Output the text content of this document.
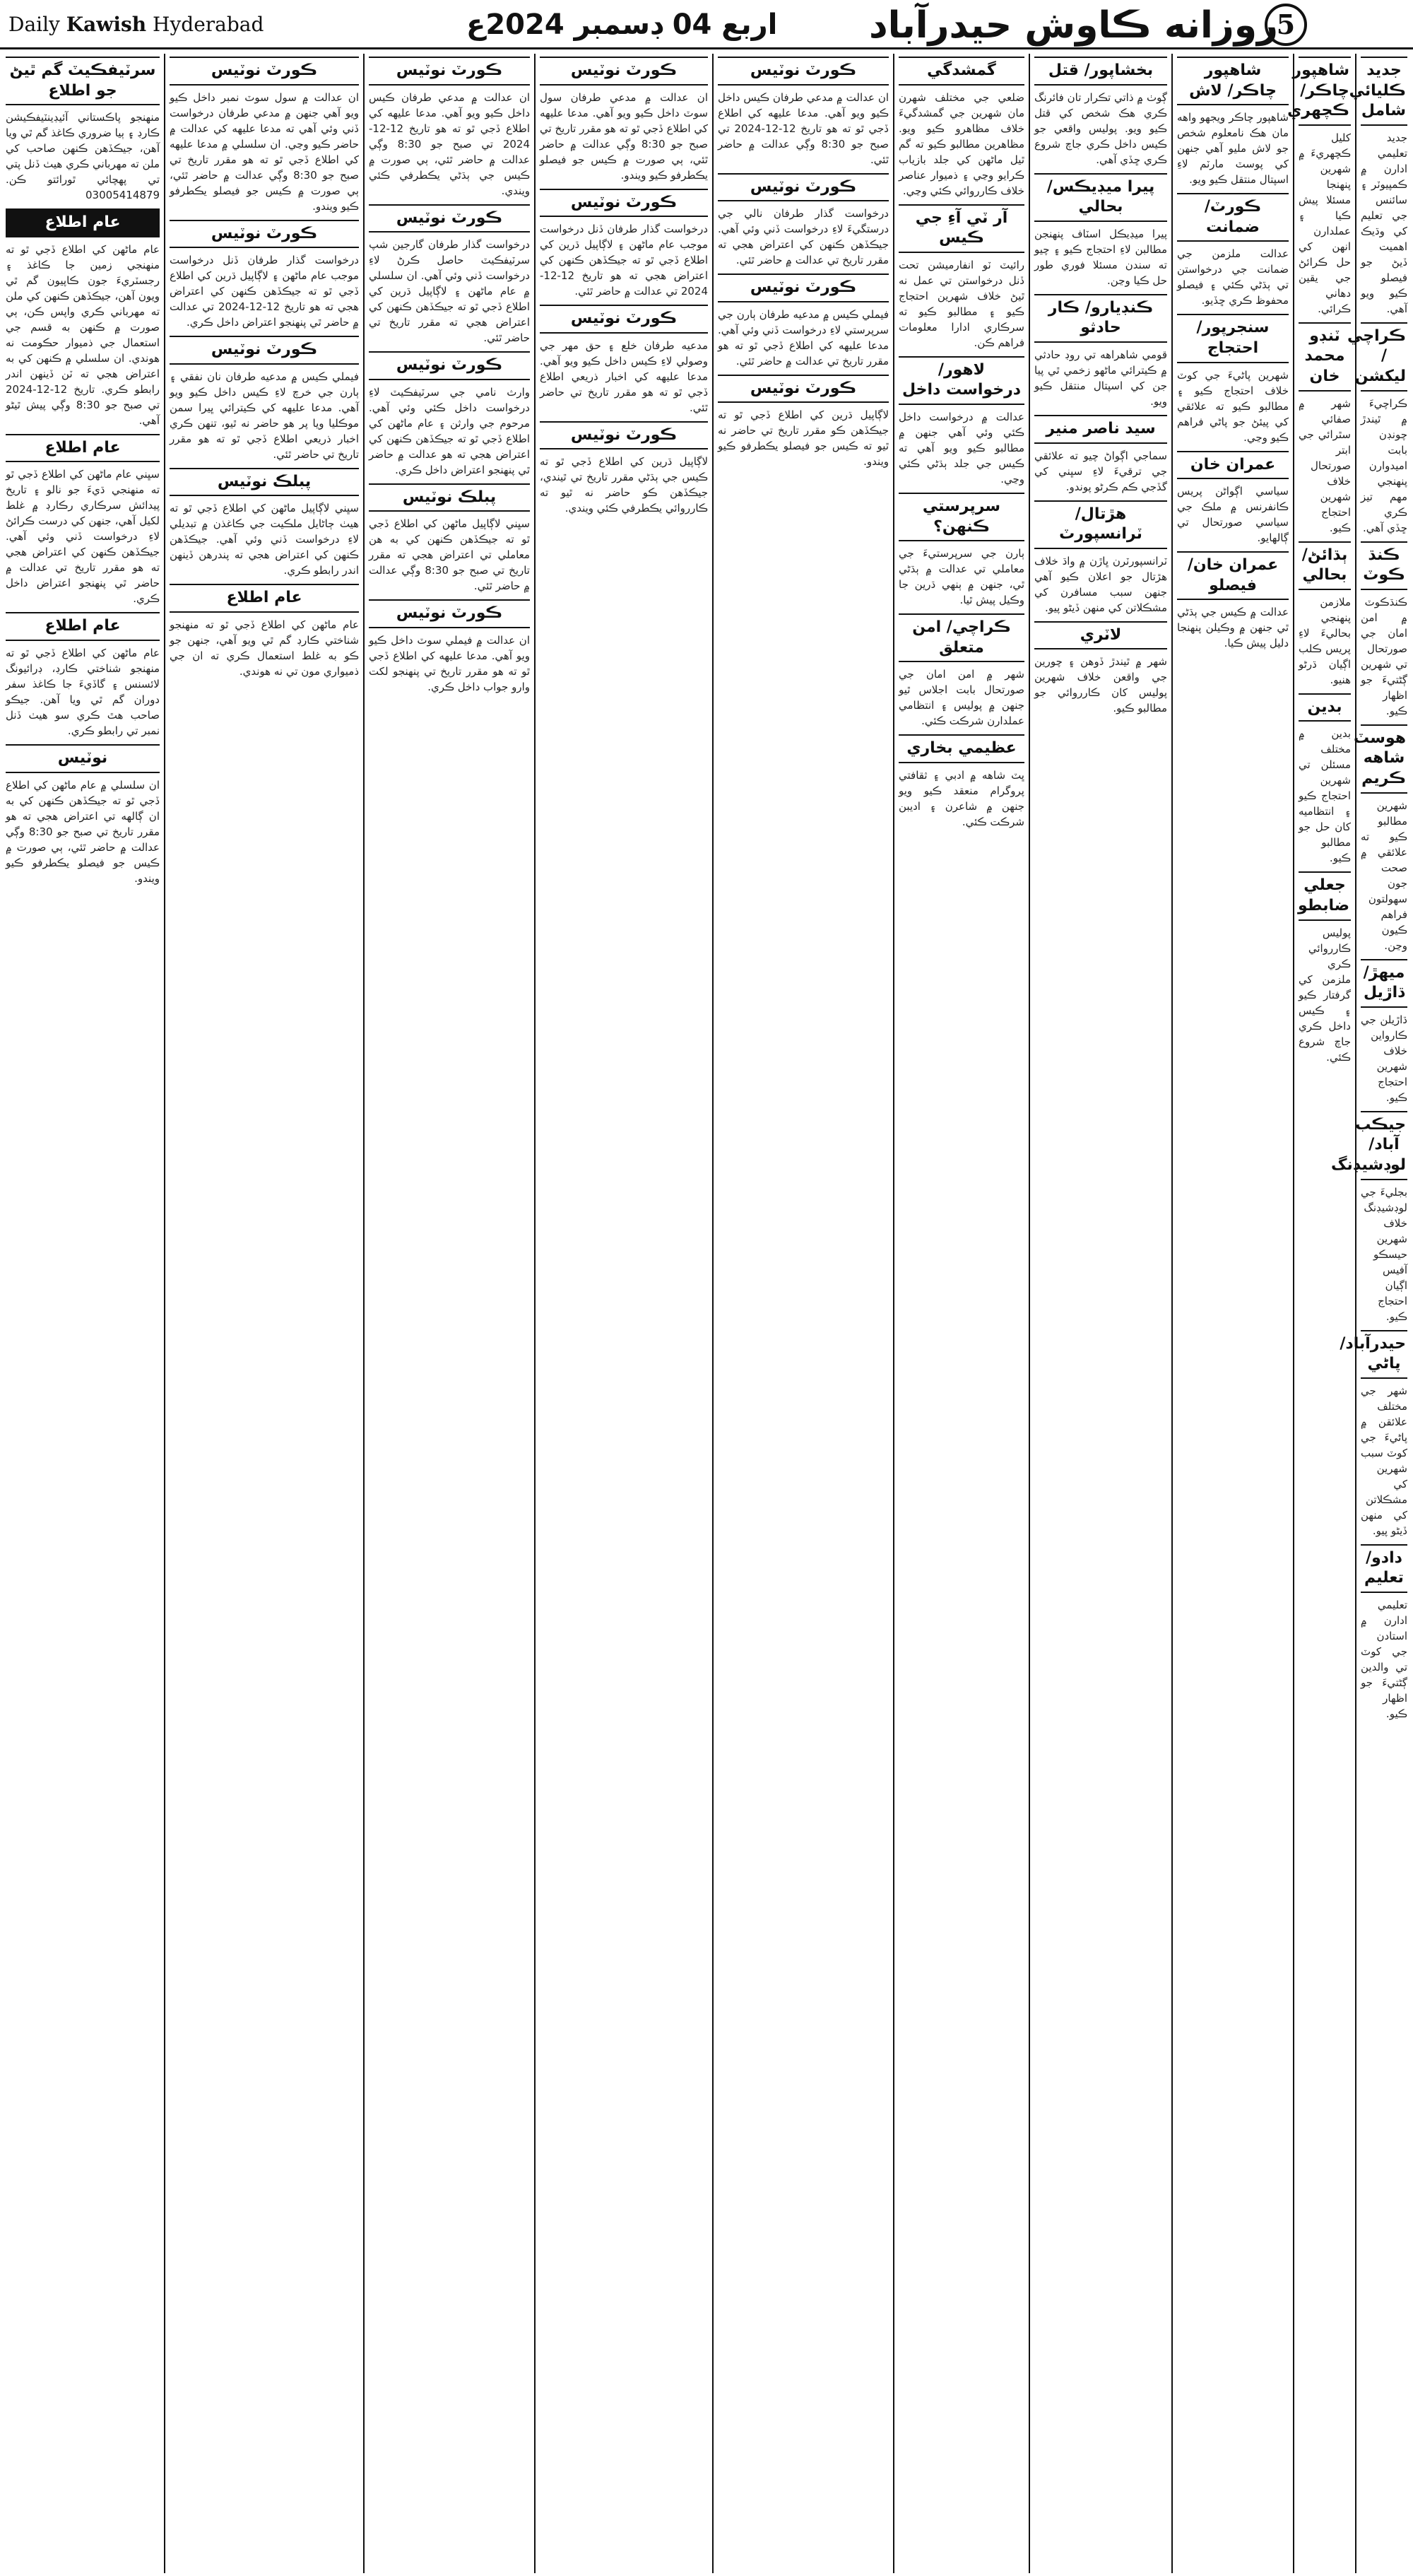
Daily Kawish Hyderabad	اربع 04 ڊسمبر 2024ع روزانه ڪاوش حيدرآباد
5
سرٽيفڪيٽ گم ٿيڻ جو اطلاع
منهنجو پاڪستاني آئيڊينٽيفڪيشن ڪارڊ ۽ ٻيا ضروري ڪاغذ گم ٿي ويا آهن، جيڪڏهن ڪنهن صاحب کي ملن ته مهرباني ڪري هيٺ ڏنل پتي تي پهچائي ٿورائتو ڪن. 03005414879
عام اطلاع
عام ماڻهن کي اطلاع ڏجي ٿو ته منهنجي زمين جا ڪاغذ ۽ رجسٽريءَ جون ڪاپيون گم ٿي ويون آهن، جيڪڏهن ڪنهن کي ملن ته مهرباني ڪري واپس ڪن، ٻي صورت ۾ ڪنهن به قسم جي استعمال جي ذميوار حڪومت نه هوندي. ان سلسلي ۾ ڪنهن کي به اعتراض هجي ته ٽن ڏينهن اندر رابطو ڪري. تاريخ 12-12-2024 تي صبح جو 8:30 وڳي پيش ٿيڻو آهي.
عام اطلاع
سڀني عام ماڻهن کي اطلاع ڏجي ٿو ته منهنجي ڌيءَ جو نالو ۽ تاريخ پيدائش سرڪاري رڪارڊ ۾ غلط لکيل آهي، جنهن کي درست ڪرائڻ لاءِ درخواست ڏني وئي آهي. جيڪڏهن ڪنهن کي اعتراض هجي ته هو مقرر تاريخ تي عدالت ۾ حاضر ٿي پنهنجو اعتراض داخل ڪري.
عام اطلاع
عام ماڻهن کي اطلاع ڏجي ٿو ته منهنجو شناختي ڪارڊ، ڊرائيونگ لائسنس ۽ گاڏيءَ جا ڪاغذ سفر دوران گم ٿي ويا آهن. جيڪو صاحب هٿ ڪري سو هيٺ ڏنل نمبر تي رابطو ڪري.
نوٽيس
ان سلسلي ۾ عام ماڻهن کي اطلاع ڏجي ٿو ته جيڪڏهن ڪنهن کي به ان ڳالهه تي اعتراض هجي ته هو مقرر تاريخ تي صبح جو 8:30 وڳي عدالت ۾ حاضر ٿئي، ٻي صورت ۾ ڪيس جو فيصلو يڪطرفو ڪيو ويندو.
ڪورٽ نوٽيس
ان عدالت ۾ سول سوٽ نمبر داخل ڪيو ويو آهي جنهن ۾ مدعي طرفان درخواست ڏني وئي آهي ته مدعا عليهه کي عدالت ۾ حاضر ڪيو وڃي. ان سلسلي ۾ مدعا عليهه کي اطلاع ڏجي ٿو ته هو مقرر تاريخ تي صبح جو 8:30 وڳي عدالت ۾ حاضر ٿئي، ٻي صورت ۾ ڪيس جو فيصلو يڪطرفو ڪيو ويندو.
ڪورٽ نوٽيس
درخواست گذار طرفان ڏنل درخواست موجب عام ماڻهن ۽ لاڳاپيل ڌرين کي اطلاع ڏجي ٿو ته جيڪڏهن ڪنهن کي اعتراض هجي ته هو تاريخ 12-12-2024 تي عدالت ۾ حاضر ٿي پنهنجو اعتراض داخل ڪري.
ڪورٽ نوٽيس
فيملي ڪيس ۾ مدعيه طرفان نان نفقي ۽ ٻارن جي خرچ لاءِ ڪيس داخل ڪيو ويو آهي. مدعا عليهه کي ڪيترائي ڀيرا سمن موڪليا ويا پر هو حاضر نه ٿيو، تنهن ڪري اخبار ذريعي اطلاع ڏجي ٿو ته هو مقرر تاريخ تي حاضر ٿئي.
پبلڪ نوٽيس
سڀني لاڳاپيل ماڻهن کي اطلاع ڏجي ٿو ته هيٺ ڄاڻايل ملڪيت جي ڪاغذن ۾ تبديلي لاءِ درخواست ڏني وئي آهي. جيڪڏهن ڪنهن کي اعتراض هجي ته پندرهن ڏينهن اندر رابطو ڪري.
عام اطلاع
عام ماڻهن کي اطلاع ڏجي ٿو ته منهنجو شناختي ڪارڊ گم ٿي ويو آهي، جنهن جو ڪو به غلط استعمال ڪري ته ان جي ذميواري مون تي نه هوندي.
ڪورٽ نوٽيس
ان عدالت ۾ مدعي طرفان ڪيس داخل ڪيو ويو آهي. مدعا عليهه کي اطلاع ڏجي ٿو ته هو تاريخ 12-12-2024 تي صبح جو 8:30 وڳي عدالت ۾ حاضر ٿئي، ٻي صورت ۾ ڪيس جي ٻڌڻي يڪطرفي ڪئي ويندي.
ڪورٽ نوٽيس
درخواست گذار طرفان گارجين شپ سرٽيفڪيٽ حاصل ڪرڻ لاءِ درخواست ڏني وئي آهي. ان سلسلي ۾ عام ماڻهن ۽ لاڳاپيل ڌرين کي اطلاع ڏجي ٿو ته جيڪڏهن ڪنهن کي اعتراض هجي ته مقرر تاريخ تي حاضر ٿئي.
ڪورٽ نوٽيس
وارث نامي جي سرٽيفڪيٽ لاءِ درخواست داخل ڪئي وئي آهي. مرحوم جي وارثن ۽ عام ماڻهن کي اطلاع ڏجي ٿو ته جيڪڏهن ڪنهن کي اعتراض هجي ته هو عدالت ۾ حاضر ٿي پنهنجو اعتراض داخل ڪري.
پبلڪ نوٽيس
سڀني لاڳاپيل ماڻهن کي اطلاع ڏجي ٿو ته جيڪڏهن ڪنهن کي به هن معاملي تي اعتراض هجي ته مقرر تاريخ تي صبح جو 8:30 وڳي عدالت ۾ حاضر ٿئي.
ڪورٽ نوٽيس
ان عدالت ۾ فيملي سوٽ داخل ڪيو ويو آهي. مدعا عليهه کي اطلاع ڏجي ٿو ته هو مقرر تاريخ تي پنهنجو لکت وارو جواب داخل ڪري.
ڪورٽ نوٽيس
ان عدالت ۾ مدعي طرفان سول سوٽ داخل ڪيو ويو آهي. مدعا عليهه کي اطلاع ڏجي ٿو ته هو مقرر تاريخ تي صبح جو 8:30 وڳي عدالت ۾ حاضر ٿئي، ٻي صورت ۾ ڪيس جو فيصلو يڪطرفو ڪيو ويندو.
ڪورٽ نوٽيس
درخواست گذار طرفان ڏنل درخواست موجب عام ماڻهن ۽ لاڳاپيل ڌرين کي اطلاع ڏجي ٿو ته جيڪڏهن ڪنهن کي اعتراض هجي ته هو تاريخ 12-12-2024 تي عدالت ۾ حاضر ٿئي.
ڪورٽ نوٽيس
مدعيه طرفان خلع ۽ حق مهر جي وصولي لاءِ ڪيس داخل ڪيو ويو آهي. مدعا عليهه کي اخبار ذريعي اطلاع ڏجي ٿو ته هو مقرر تاريخ تي حاضر ٿئي.
ڪورٽ نوٽيس
لاڳاپيل ڌرين کي اطلاع ڏجي ٿو ته ڪيس جي ٻڌڻي مقرر تاريخ تي ٿيندي، جيڪڏهن ڪو حاضر نه ٿيو ته ڪارروائي يڪطرفي ڪئي ويندي.
ڪورٽ نوٽيس
ان عدالت ۾ مدعي طرفان ڪيس داخل ڪيو ويو آهي. مدعا عليهه کي اطلاع ڏجي ٿو ته هو تاريخ 12-12-2024 تي صبح جو 8:30 وڳي عدالت ۾ حاضر ٿئي.
ڪورٽ نوٽيس
درخواست گذار طرفان نالي جي درستگيءَ لاءِ درخواست ڏني وئي آهي. جيڪڏهن ڪنهن کي اعتراض هجي ته مقرر تاريخ تي عدالت ۾ حاضر ٿئي.
ڪورٽ نوٽيس
فيملي ڪيس ۾ مدعيه طرفان ٻارن جي سرپرستي لاءِ درخواست ڏني وئي آهي. مدعا عليهه کي اطلاع ڏجي ٿو ته هو مقرر تاريخ تي عدالت ۾ حاضر ٿئي.
ڪورٽ نوٽيس
لاڳاپيل ڌرين کي اطلاع ڏجي ٿو ته جيڪڏهن ڪو مقرر تاريخ تي حاضر نه ٿيو ته ڪيس جو فيصلو يڪطرفو ڪيو ويندو.
گمشدگي
ضلعي جي مختلف شهرن مان شهرين جي گمشدگيءَ خلاف مظاهرو ڪيو ويو. مظاهرين مطالبو ڪيو ته گم ٿيل ماڻهن کي جلد بازياب ڪرايو وڃي ۽ ذميوار عناصر خلاف ڪارروائي ڪئي وڃي.
آر ٽي آءِ جي ڪيس
رائيٽ ٽو انفارميشن تحت ڏنل درخواستن تي عمل نه ٿيڻ خلاف شهرين احتجاج ڪيو ۽ مطالبو ڪيو ته سرڪاري ادارا معلومات فراهم ڪن.
لاهور/ درخواست داخل
عدالت ۾ درخواست داخل ڪئي وئي آهي جنهن ۾ مطالبو ڪيو ويو آهي ته ڪيس جي جلد ٻڌڻي ڪئي وڃي.
سرپرستي ڪنهن؟
ٻارن جي سرپرستيءَ جي معاملي تي عدالت ۾ ٻڌڻي ٿي، جنهن ۾ ٻنهي ڌرين جا وڪيل پيش ٿيا.
ڪراچي/ امن متعلق
شهر ۾ امن امان جي صورتحال بابت اجلاس ٿيو جنهن ۾ پوليس ۽ انتظامي عملدارن شرڪت ڪئي.
عظيمي بخاري
ڀٽ شاهه ۾ ادبي ۽ ثقافتي پروگرام منعقد ڪيو ويو جنهن ۾ شاعرن ۽ اديبن شرڪت ڪئي.
بخشاپور/ قتل
ڳوٺ ۾ ذاتي تڪرار تان فائرنگ ڪري هڪ شخص کي قتل ڪيو ويو. پوليس واقعي جو ڪيس داخل ڪري جاچ شروع ڪري ڇڏي آهي.
پيرا ميڊيڪس/ بحالي
پيرا ميڊيڪل اسٽاف پنهنجن مطالبن لاءِ احتجاج ڪيو ۽ چيو ته سندن مسئلا فوري طور حل ڪيا وڃن.
ڪنڊيارو/ ڪار حادثو
قومي شاهراهه تي روڊ حادثي ۾ ڪيترائي ماڻهو زخمي ٿي پيا جن کي اسپتال منتقل ڪيو ويو.
سيد ناصر منير
سماجي اڳواڻ چيو ته علائقي جي ترقيءَ لاءِ سڀني کي گڏجي ڪم ڪرڻو پوندو.
هڙتال/ ٽرانسپورٽ
ٽرانسپورٽرن ڀاڙن ۾ واڌ خلاف هڙتال جو اعلان ڪيو آهي جنهن سبب مسافرن کي مشڪلاتن کي منهن ڏيڻو پيو.
لاٽري
شهر ۾ ٿيندڙ ڏوهن ۽ چورين جي واقعن خلاف شهرين پوليس کان ڪارروائي جو مطالبو ڪيو.
شاهپور چاڪر/ لاش
شاهپور چاڪر ويجهو واهه مان هڪ نامعلوم شخص جو لاش مليو آهي جنهن کي پوسٽ مارٽم لاءِ اسپتال منتقل ڪيو ويو.
ڪورٽ/ ضمانت
عدالت ملزمن جي ضمانت جي درخواستن تي ٻڌڻي ڪئي ۽ فيصلو محفوظ ڪري ڇڏيو.
سنجرپور/ احتجاج
شهرين پاڻيءَ جي کوٽ خلاف احتجاج ڪيو ۽ مطالبو ڪيو ته علائقي کي پيئڻ جو پاڻي فراهم ڪيو وڃي.
عمران خان
سياسي اڳواڻن پريس ڪانفرنس ۾ ملڪ جي سياسي صورتحال تي ڳالهايو.
عمران خان/ فيصلو
عدالت ۾ ڪيس جي ٻڌڻي ٿي جنهن ۾ وڪيلن پنهنجا دليل پيش ڪيا.
شاهپور چاڪر/ ڪچهري
کليل ڪچهريءَ ۾ شهرين پنهنجا مسئلا پيش ڪيا ۽ عملدارن انهن کي حل ڪرائڻ جي يقين دهاني ڪرائي.
ٽنڊو محمد خان
شهر ۾ صفائي سٿرائي جي ابتر صورتحال خلاف شهرين احتجاج ڪيو.
ٻڌائڻ/ بحالي
ملازمن پنهنجي بحاليءَ لاءِ پريس ڪلب اڳيان ڌرڻو هنيو.
بدين
بدين ۾ مختلف مسئلن تي شهرين احتجاج ڪيو ۽ انتظاميه کان حل جو مطالبو ڪيو.
جعلي ضابطو
پوليس ڪارروائي ڪري ملزمن کي گرفتار ڪيو ۽ ڪيس داخل ڪري جاچ شروع ڪئي.
جديد ڪليائي شامل
جديد تعليمي ادارن ۾ ڪمپيوٽر ۽ سائنس جي تعليم کي وڌيڪ اهميت ڏيڻ جو فيصلو ڪيو ويو آهي.
ڪراچي / ليكشن
ڪراچيءَ ۾ ٿيندڙ چونڊن بابت اميدوارن پنهنجي مهم تيز ڪري ڇڏي آهي.
ڪنڌ ڪوٽ
ڪنڌڪوٽ ۾ امن امان جي صورتحال تي شهرين ڳڻتيءَ جو اظهار ڪيو.
هوسٽ شاهه ڪريم
شهرين مطالبو ڪيو ته علائقي ۾ صحت جون سهولتون فراهم ڪيون وڃن.
ميهڙ/ ڌاڙيل
ڌاڙيلن جي ڪارواين خلاف شهرين احتجاج ڪيو.
جيڪب آباد/ لوڊشيڊنگ
بجليءَ جي لوڊشيڊنگ خلاف شهرين حيسڪو آفيس اڳيان احتجاج ڪيو.
حيدرآباد/ پاڻي
شهر جي مختلف علائقن ۾ پاڻيءَ جي کوٽ سبب شهرين کي مشڪلاتن کي منهن ڏيڻو پيو.
دادو/ تعليم
تعليمي ادارن ۾ استادن جي کوٽ تي والدين ڳڻتيءَ جو اظهار ڪيو.
